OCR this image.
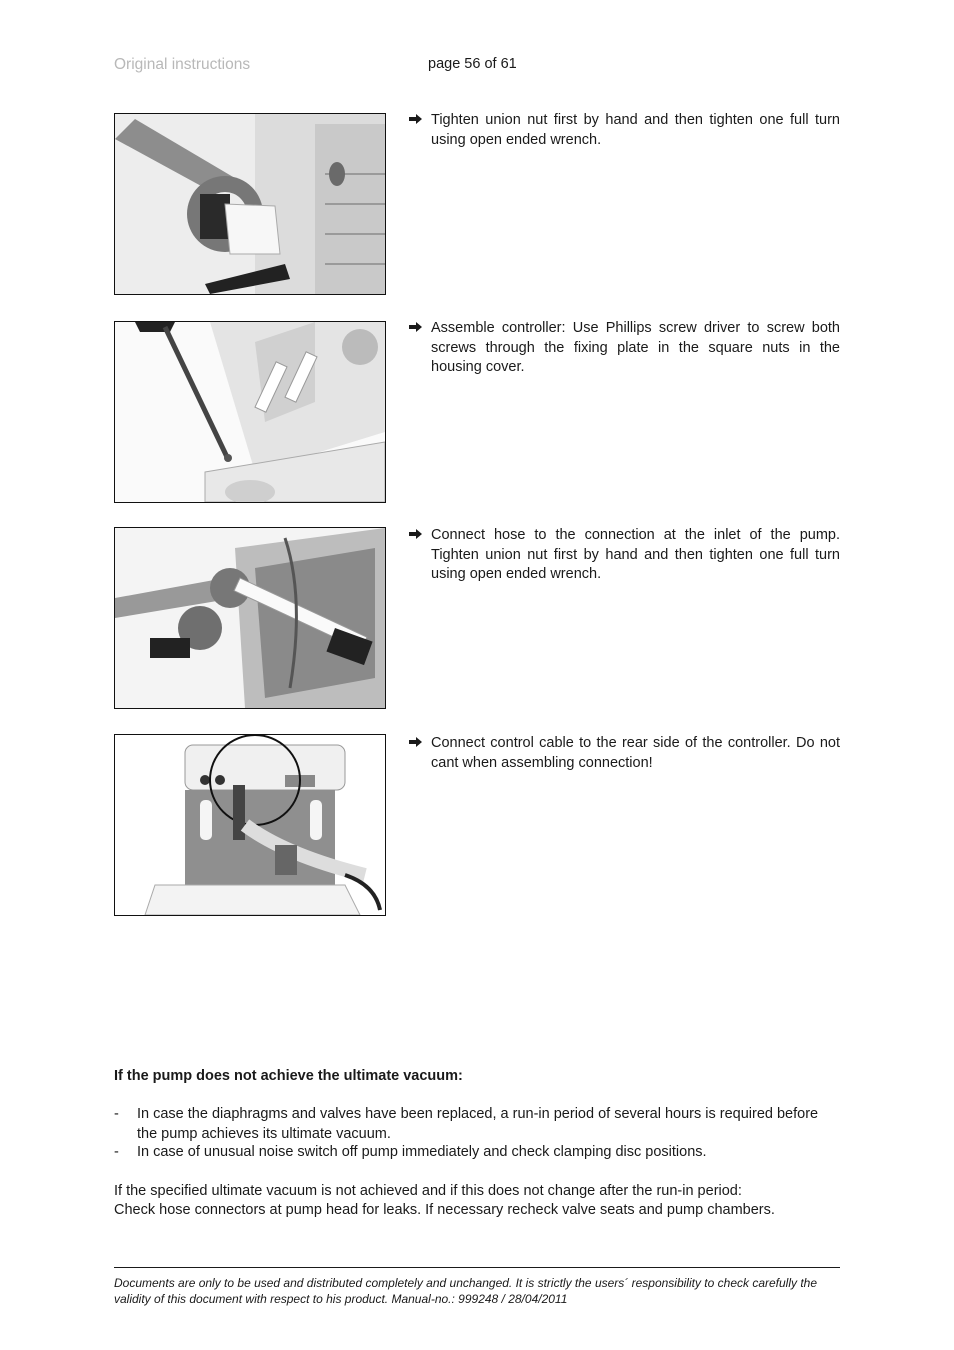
Original instructions	page 56 of 61
Tighten union nut first by hand and then tighten one full turn using open ended wrench.
Assemble controller: Use Phillips screw driver to screw both screws through the fixing plate in the square nuts in the housing cover.
Connect hose to the connection at the inlet of the pump. Tighten union nut first by hand and then tighten one full turn using open ended wrench.
Connect control cable to the rear side of the controller. Do not cant when assembling connection!
If the pump does not achieve the ultimate vacuum:
- In case the diaphragms and valves have been replaced, a run-in period of several hours is required before the pump achieves its ultimate vacuum.
- In case of unusual noise switch off pump immediately and check clamping disc positions.
If the specified ultimate vacuum is not achieved and if this does not change after the run-in period:
Check hose connectors at pump head for leaks. If necessary recheck valve seats and pump chambers.
Documents are only to be used and distributed completely and unchanged. It is strictly the users´ responsibility to check carefully the validity of this document with respect to his product. Manual-no.: 999248 / 28/04/2011
